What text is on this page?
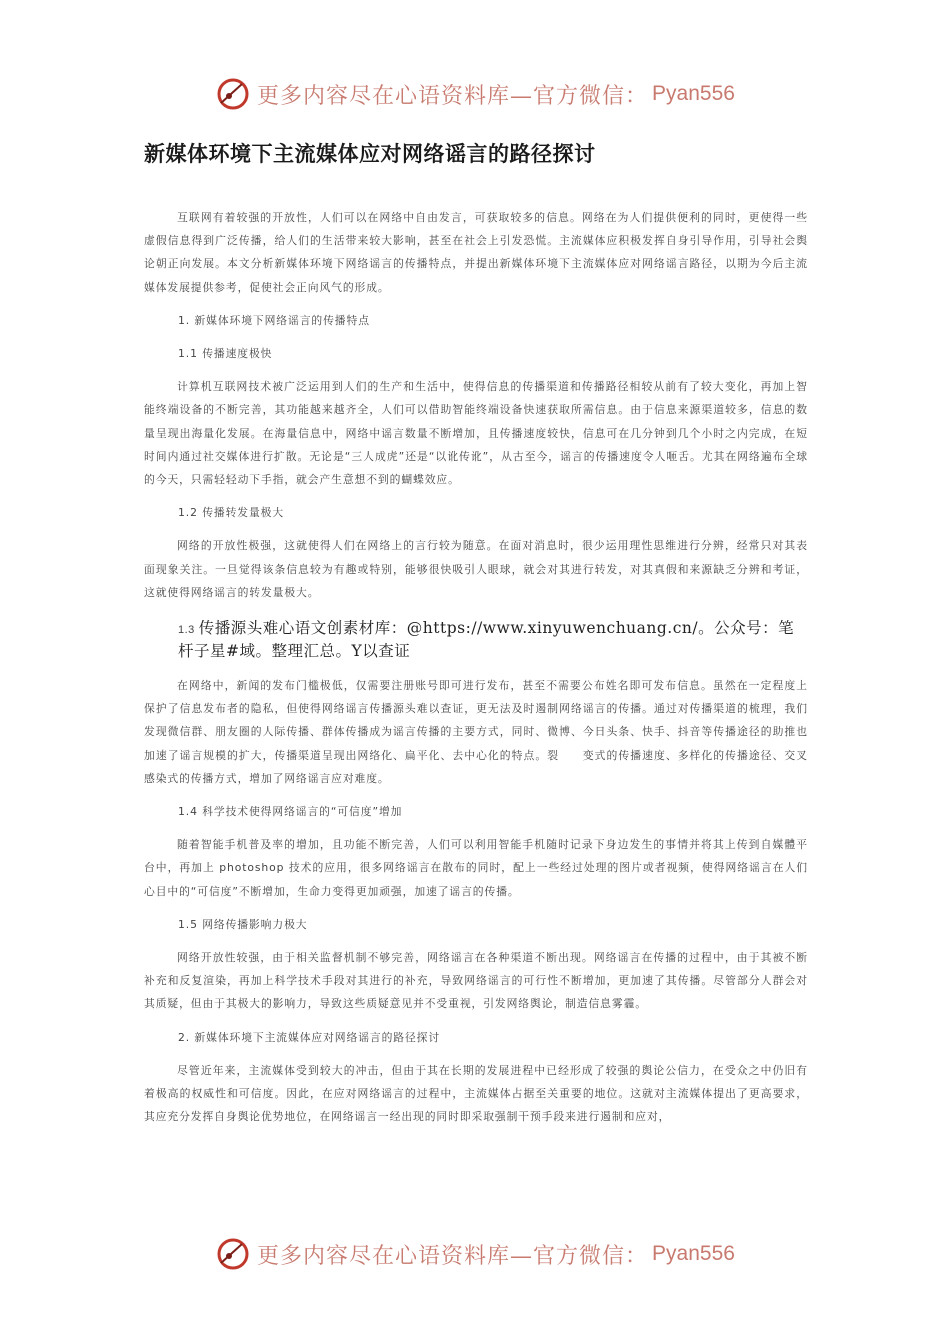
更多内容尽在心语资料库—官方微信： Pyan556
新媒体环境下主流媒体应对网络谣言的路径探讨

互联网有着较强的开放性，人们可以在网络中自由发言，可获取较多的信息。网络在为人们提供便利的同时，更使得一些虚假信息得到广泛传播，给人们的生活带来较大影响，甚至在社会上引发恐慌。主流媒体应积极发挥自身引导作用，引导社会舆论朝正向发展。本文分析新媒体环境下网络谣言的传播特点，并提出新媒体环境下主流媒体应对网络谣言路径，以期为今后主流媒体发展提供参考，促使社会正向风气的形成。

1. 新媒体环境下网络谣言的传播特点

1.1 传播速度极快

计算机互联网技术被广泛运用到人们的生产和生活中，使得信息的传播渠道和传播路径相较从前有了较大变化，再加上智能终端设备的不断完善，其功能越来越齐全，人们可以借助智能终端设备快速获取所需信息。由于信息来源渠道较多，信息的数量呈现出海量化发展。在海量信息中，网络中谣言数量不断增加，且传播速度较快，信息可在几分钟到几个小时之内完成，在短时间内通过社交媒体进行扩散。无论是“三人成虎”还是“以讹传讹”，从古至今，谣言的传播速度令人咂舌。尤其在网络遍布全球的今天，只需轻轻动下手指，就会产生意想不到的蝴蝶效应。

1.2 传播转发量极大

网络的开放性极强，这就使得人们在网络上的言行较为随意。在面对消息时，很少运用理性思维进行分辨，经常只对其表面现象关注。一旦觉得该条信息较为有趣或特别，能够很快吸引人眼球，就会对其进行转发，对其真假和来源缺乏分辨和考证，这就使得网络谣言的转发量极大。

1.3 传播源头难心语文创素材库：@https://www.xinyuwenchuang.cn/。公众号：笔杆子星#域。整理汇总。Y以查证

在网络中，新闻的发布门槛极低，仅需要注册账号即可进行发布，甚至不需要公布姓名即可发布信息。虽然在一定程度上保护了信息发布者的隐私，但使得网络谣言传播源头难以查证，更无法及时遏制网络谣言的传播。通过对传播渠道的梳理，我们发现微信群、朋友圈的人际传播、群体传播成为谣言传播的主要方式，同时、微博、今日头条、快手、抖音等传播途径的助推也加速了谣言规模的扩大，传播渠道呈现出网络化、扁平化、去中心化的特点。裂　　变式的传播速度、多样化的传播途径、交叉感染式的传播方式，增加了网络谣言应对难度。

1.4 科学技术使得网络谣言的“可信度”增加

随着智能手机普及率的增加，且功能不断完善，人们可以利用智能手机随时记录下身边发生的事情并将其上传到自媒體平台中，再加上 photoshop 技术的应用，很多网络谣言在散布的同时，配上一些经过处理的图片或者视频，使得网络谣言在人们心目中的“可信度”不断增加，生命力变得更加顽强，加速了谣言的传播。

1.5 网络传播影响力极大

网络开放性较强，由于相关监督机制不够完善，网络谣言在各种渠道不断出现。网络谣言在传播的过程中，由于其被不断补充和反复渲染，再加上科学技术手段对其进行的补充，导致网络谣言的可行性不断增加，更加速了其传播。尽管部分人群会对其质疑，但由于其极大的影响力，导致这些质疑意见并不受重视，引发网络舆论，制造信息雾霾。

2. 新媒体环境下主流媒体应对网络谣言的路径探讨

尽管近年来，主流媒体受到较大的冲击，但由于其在长期的发展进程中已经形成了较强的舆论公信力，在受众之中仍旧有着极高的权威性和可信度。因此，在应对网络谣言的过程中，主流媒体占据至关重要的地位。这就对主流媒体提出了更高要求，其应充分发挥自身舆论优势地位，在网络谣言一经出现的同时即采取强制干预手段来进行遏制和应对，

更多内容尽在心语资料库—官方微信： Pyan556
